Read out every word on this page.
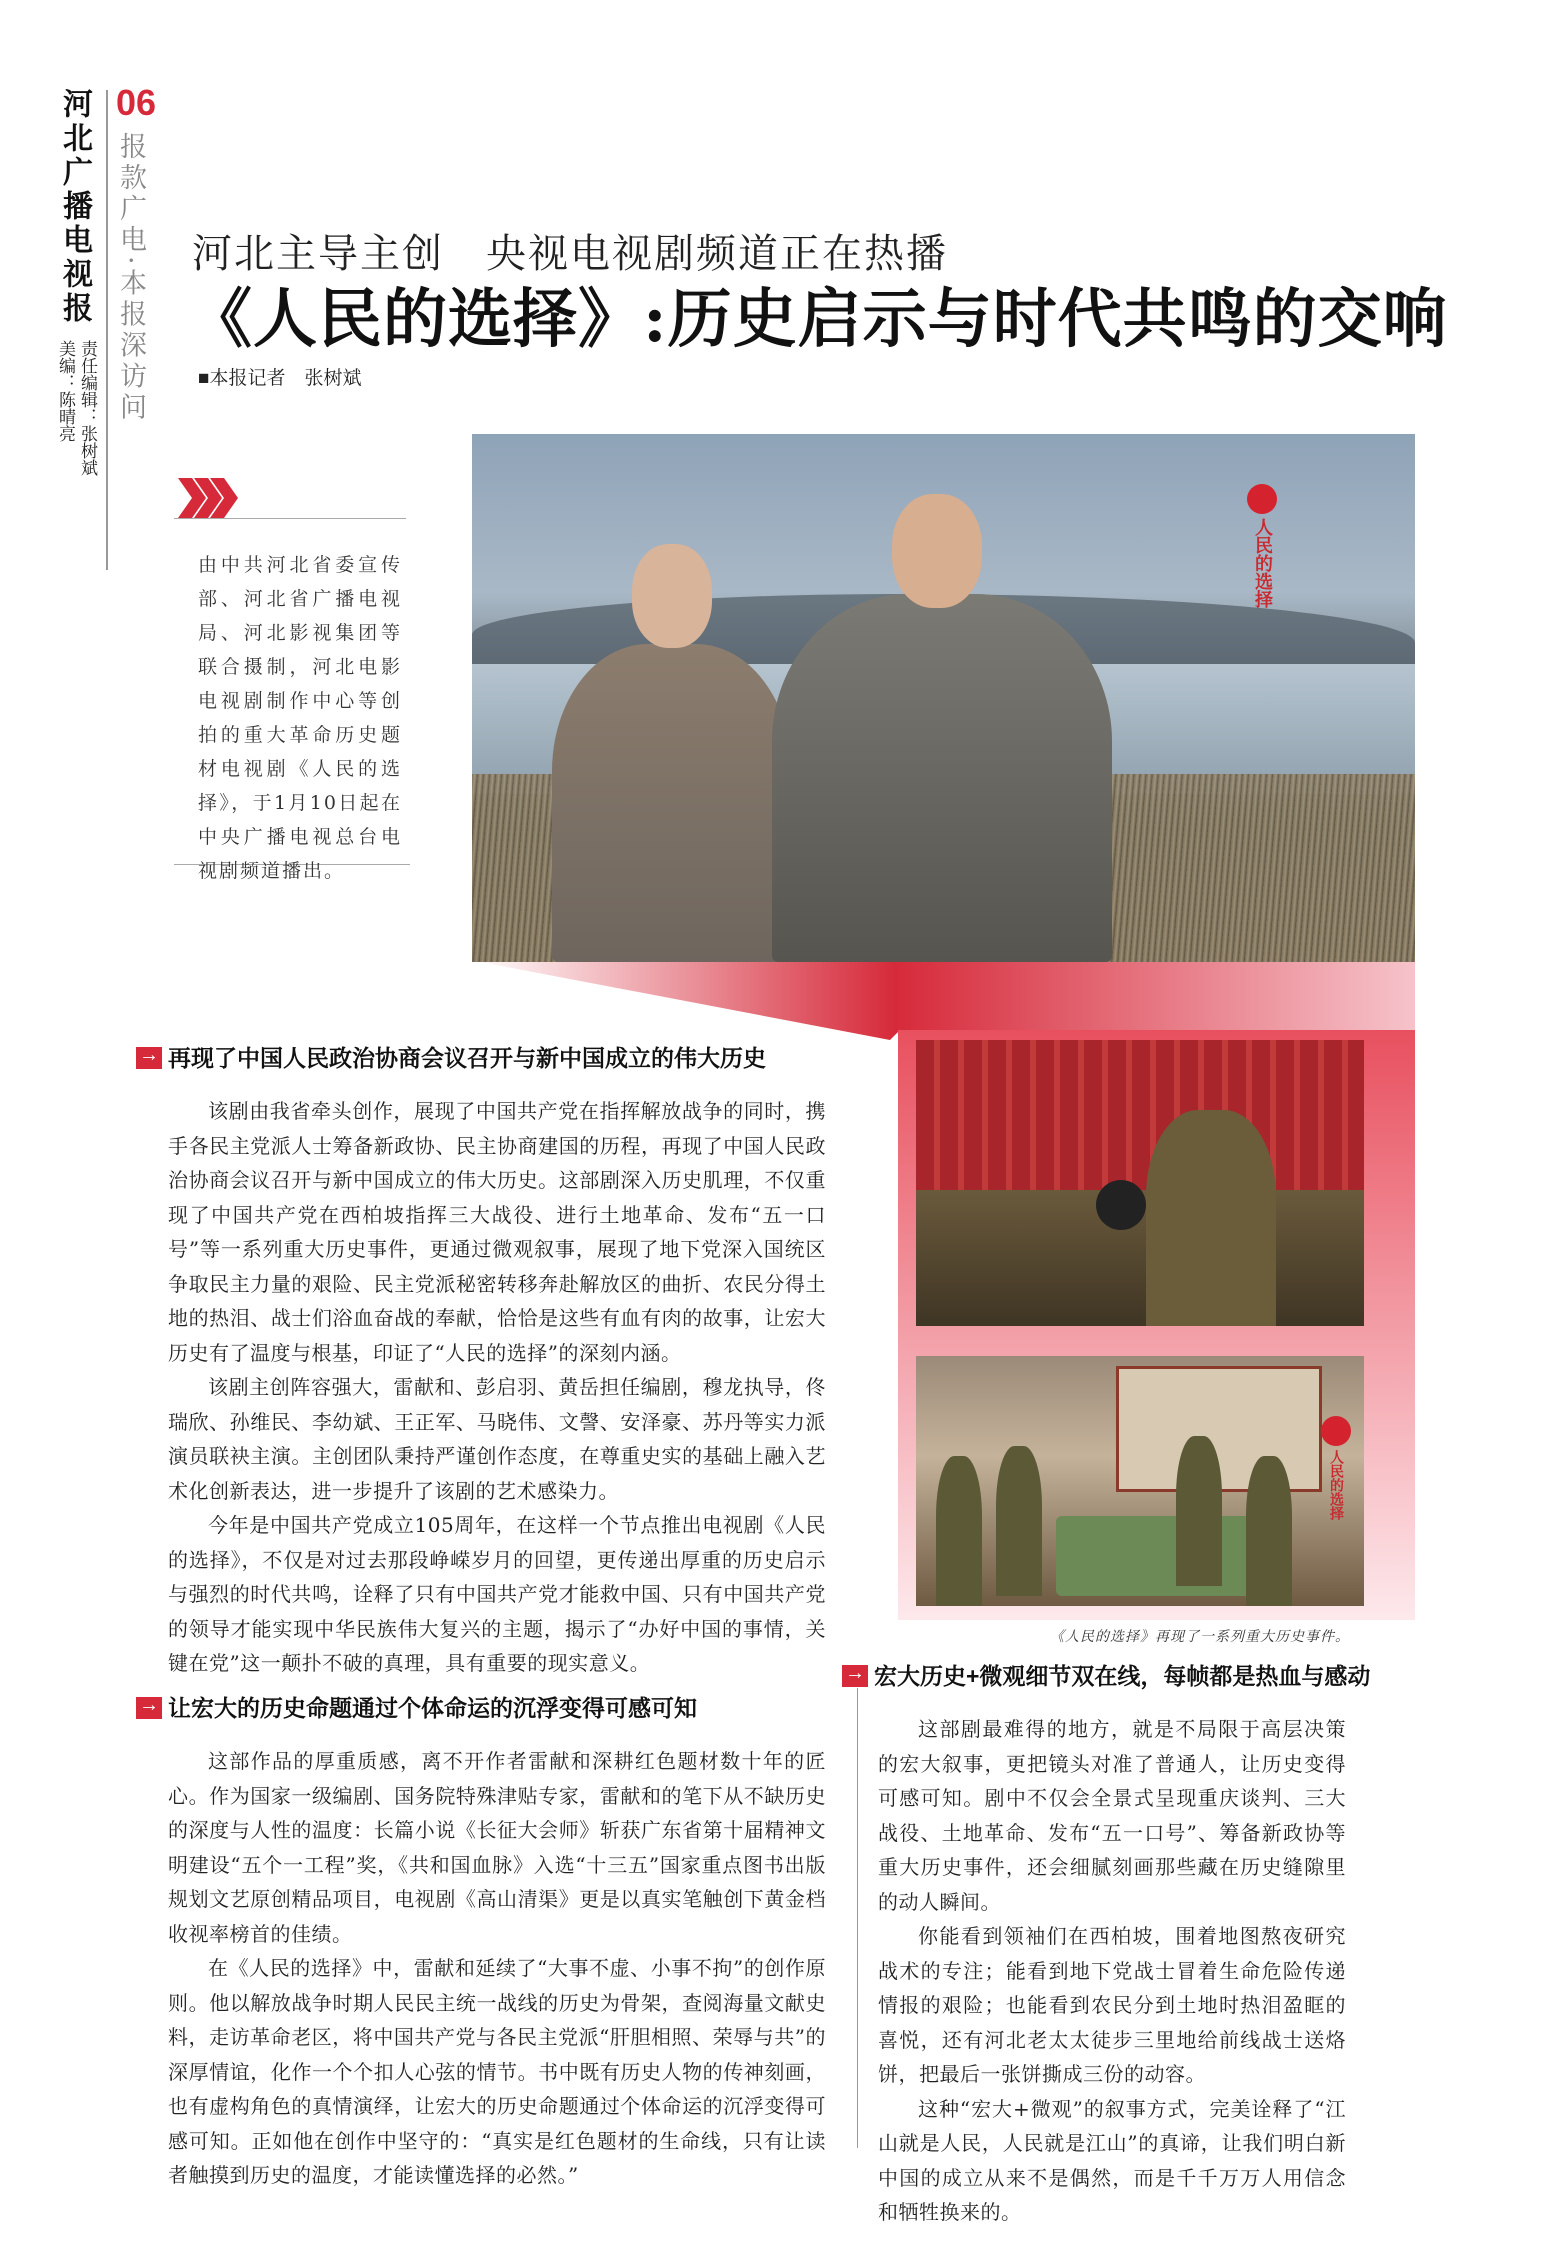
河北广播电视报 06
报款广电·本报深访问
责任编辑：张树斌
美编：陈晴亮
河北主导主创　央视电视剧频道正在热播
《人民的选择》:历史启示与时代共鸣的交响
■本报记者　张树斌
由中共河北省委宣传部、河北省广播电视局、河北影视集团等联合摄制，河北电影电视剧制作中心等创拍的重大革命历史题材电视剧《人民的选择》，于1月10日起在中央广播电视总台电视剧频道播出。
人民的选择
人民的选择
《人民的选择》再现了一系列重大历史事件。
→再现了中国人民政治协商会议召开与新中国成立的伟大历史

该剧由我省牵头创作，展现了中国共产党在指挥解放战争的同时，携手各民主党派人士筹备新政协、民主协商建国的历程，再现了中国人民政治协商会议召开与新中国成立的伟大历史。这部剧深入历史肌理，不仅重现了中国共产党在西柏坡指挥三大战役、进行土地革命、发布“五一口号”等一系列重大历史事件，更通过微观叙事，展现了地下党深入国统区争取民主力量的艰险、民主党派秘密转移奔赴解放区的曲折、农民分得土地的热泪、战士们浴血奋战的奉献，恰恰是这些有血有肉的故事，让宏大历史有了温度与根基，印证了“人民的选择”的深刻内涵。

该剧主创阵容强大，雷献和、彭启羽、黄岳担任编剧，穆龙执导，佟瑞欣、孙维民、李幼斌、王正军、马晓伟、文謦、安泽豪、苏丹等实力派演员联袂主演。主创团队秉持严谨创作态度，在尊重史实的基础上融入艺术化创新表达，进一步提升了该剧的艺术感染力。

今年是中国共产党成立105周年，在这样一个节点推出电视剧《人民的选择》，不仅是对过去那段峥嵘岁月的回望，更传递出厚重的历史启示与强烈的时代共鸣，诠释了只有中国共产党才能救中国、只有中国共产党的领导才能实现中华民族伟大复兴的主题，揭示了“办好中国的事情，关键在党”这一颠扑不破的真理，具有重要的现实意义。

→让宏大的历史命题通过个体命运的沉浮变得可感可知

这部作品的厚重质感，离不开作者雷献和深耕红色题材数十年的匠心。作为国家一级编剧、国务院特殊津贴专家，雷献和的笔下从不缺历史的深度与人性的温度：长篇小说《长征大会师》斩获广东省第十届精神文明建设“五个一工程”奖，《共和国血脉》入选“十三五”国家重点图书出版规划文艺原创精品项目，电视剧《高山清渠》更是以真实笔触创下黄金档收视率榜首的佳绩。

在《人民的选择》中，雷献和延续了“大事不虚、小事不拘”的创作原则。他以解放战争时期人民民主统一战线的历史为骨架，查阅海量文献史料，走访革命老区，将中国共产党与各民主党派“肝胆相照、荣辱与共”的深厚情谊，化作一个个扣人心弦的情节。书中既有历史人物的传神刻画，也有虚构角色的真情演绎，让宏大的历史命题通过个体命运的沉浮变得可感可知。正如他在创作中坚守的：“真实是红色题材的生命线，只有让读者触摸到历史的温度，才能读懂选择的必然。”

→宏大历史+微观细节双在线，每帧都是热血与感动

这部剧最难得的地方，就是不局限于高层决策的宏大叙事，更把镜头对准了普通人，让历史变得可感可知。剧中不仅会全景式呈现重庆谈判、三大战役、土地革命、发布“五一口号”、筹备新政协等重大历史事件，还会细腻刻画那些藏在历史缝隙里的动人瞬间。

你能看到领袖们在西柏坡，围着地图熬夜研究战术的专注；能看到地下党战士冒着生命危险传递情报的艰险；也能看到农民分到土地时热泪盈眶的喜悦，还有河北老太太徒步三里地给前线战士送烙饼，把最后一张饼撕成三份的动容。

这种“宏大+微观”的叙事方式，完美诠释了“江山就是人民，人民就是江山”的真谛，让我们明白新中国的成立从来不是偶然，而是千千万万人用信念和牺牲换来的。
